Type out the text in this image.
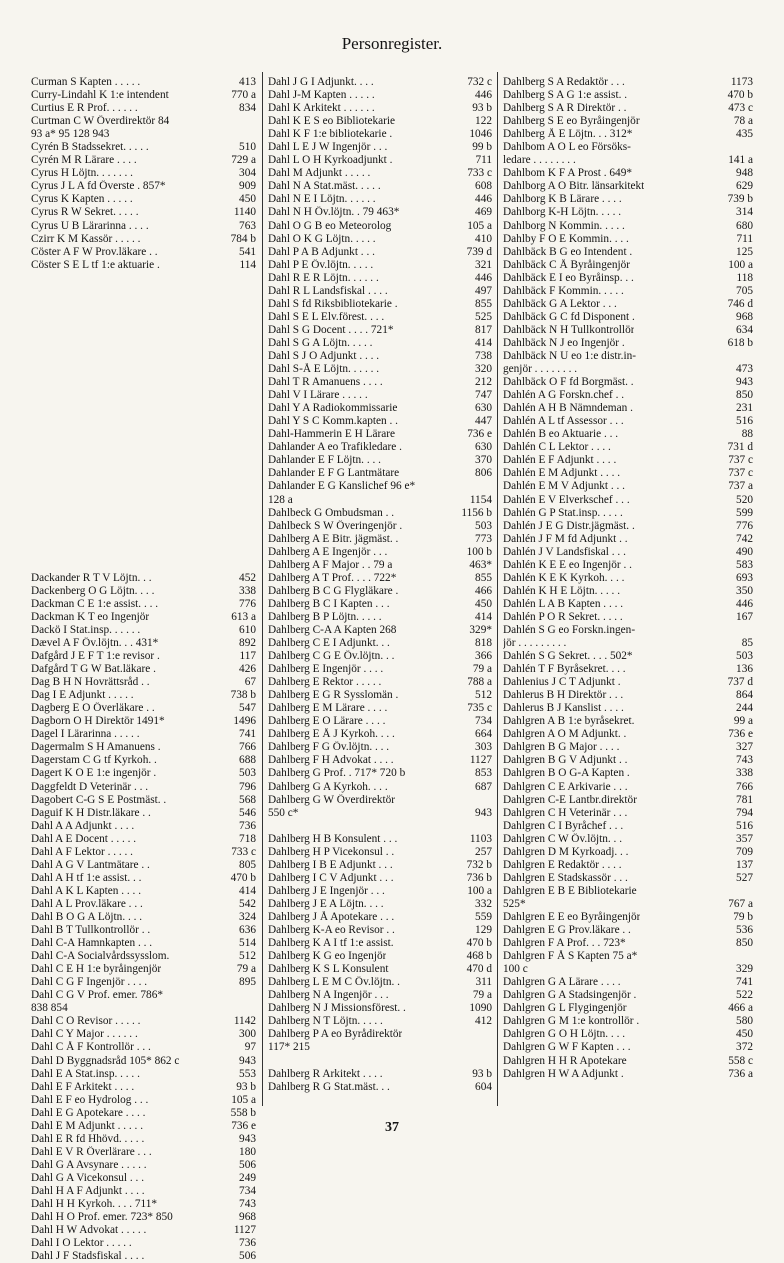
Personregister.
Curman S Kapten . . . . .	413
Curry-Lindahl K 1:e intendent	770 a
Curtius E R Prof. . . . . .	834
Curtman C W Överdirektör 84
93 a* 95 128 943
Cyrén B Stadssekret. . . . .	510
Cyrén M R Lärare . . . .	729 a
Cyrus H Löjtn. . . . . . .	304
Cyrus J L A fd Överste . 857*	909
Cyrus K Kapten . . . . .	450
Cyrus R W Sekret. . . . .	1140
Cyrus U B Lärarinna . . . .	763
Czirr K M Kassör . . . . .	784 b
Cöster A F W Prov.läkare . .	541
Cöster S E L tf 1:e aktuarie .	114
Dackander R T V Löjtn. . .	452
Dackenberg O G Löjtn. . . .	338
Dackman C E 1:e assist. . . .	776
Dackman K T eo Ingenjör	613 a
Dackö I Stat.insp. . . . . .	610
Dævel A F Öv.löjtn. . . 431*	892
Dafgård J E F T 1:e revisor .	117
Dafgård T G W Bat.läkare .	426
Dag B H N Hovrättsråd . .	67
Dag I E Adjunkt . . . . .	738 b
Dagberg E O Överläkare . .	547
Dagborn O H Direktör 1491*	1496
Dagel I Lärarinna . . . . .	741
Dagermalm S H Amanuens .	766
Dagerstam C G tf Kyrkoh. .	688
Dagert K O E 1:e ingenjör .	503
Daggfeldt D Veterinär . . .	796
Dagobert C-G S E Postmäst. .	568
Daguif K H Distr.läkare . .	546
Dahl A A Adjunkt . . . .	736
Dahl A E Docent . . . . .	718
Dahl A F Lektor . . . . .	733 c
Dahl A G V Lantmätare . .	805
Dahl A H tf 1:e assist. . .	470 b
Dahl A K L Kapten . . . .	414
Dahl A L Prov.läkare . . .	542
Dahl B O G A Löjtn. . . .	324
Dahl B T Tullkontrollör . .	636
Dahl C-A Hamnkapten . . .	514
Dahl C-A Socialvårdssysslom.	512
Dahl C E H 1:e byråingenjör	79 a
Dahl C G F Ingenjör . . . .	895
Dahl C G V Prof. emer. 786*
838 854
Dahl C O Revisor . . . . .	1142
Dahl C Y Major . . . . . .	300
Dahl C Å F Kontrollör . . .	97
Dahl D Byggnadsråd 105* 862 c	943
Dahl E A Stat.insp. . . . .	553
Dahl E F Arkitekt . . . .	93 b
Dahl E F eo Hydrolog . . .	105 a
Dahl E G Apotekare . . . .	558 b
Dahl E M Adjunkt . . . . .	736 e
Dahl E R fd Hhövd. . . . .	943
Dahl E V R Överlärare . . .	180
Dahl G A Avsynare . . . . .	506
Dahl G A Vicekonsul . . .	249
Dahl H A F Adjunkt . . . .	734
Dahl H H Kyrkoh. . . . 711*	743
Dahl H O Prof. emer. 723* 850	968
Dahl H W Advokat . . . . .	1127
Dahl I O Lektor . . . . .	736
Dahl J F Stadsfiskal . . . .	506
Dahl J G I Adjunkt. . . .	732 c
Dahl J-M Kapten . . . . .	446
Dahl K Arkitekt . . . . . .	93 b
Dahl K E S eo Bibliotekarie	122
Dahl K F 1:e bibliotekarie .	1046
Dahl L E J W Ingenjör . . .	99 b
Dahl L O H Kyrkoadjunkt .	711
Dahl M Adjunkt . . . . .	733 c
Dahl N A Stat.mäst. . . . .	608
Dahl N E I Löjtn. . . . . .	446
Dahl N H Öv.löjtn. . 79 463*	469
Dahl O G B eo Meteorolog	105 a
Dahl O K G Löjtn. . . . .	410
Dahl P A B Adjunkt . . .	739 d
Dahl P E Öv.löjtn. . . . .	321
Dahl R E R Löjtn. . . . . .	446
Dahl R L Landsfiskal . . . .	497
Dahl S fd Riksbibliotekarie .	855
Dahl S E L Elv.förest. . . .	525
Dahl S G Docent . . . . 721*	817
Dahl S G A Löjtn. . . . .	414
Dahl S J O Adjunkt . . . .	738
Dahl S-Å E Löjtn. . . . . .	320
Dahl T R Amanuens . . . .	212
Dahl V I Lärare . . . . .	747
Dahl Y A Radiokommissarie	630
Dahl Y S C Komm.kapten . .	447
Dahl-Hammerin E H Lärare	736 e
Dahlander A eo Trafikledare .	630
Dahlander E F Löjtn. . . .	370
Dahlander E F G Lantmätare	806
Dahlander E G Kanslichef 96 e*
128 a	1154
Dahlbeck G Ombudsman . .	1156 b
Dahlbeck S W Överingenjör .	503
Dahlberg A E Bitr. jägmäst. .	773
Dahlberg A E Ingenjör . . .	100 b
Dahlberg A F Major . . 79 a	463*
Dahlberg A T Prof. . . . 722*	855
Dahlberg B C G Flygläkare .	466
Dahlberg B C I Kapten . . .	450
Dahlberg B P Löjtn. . . . .	414
Dahlberg C-A A Kapten 268	329*
Dahlberg C E I Adjunkt. . .	818
Dahlberg C G E Öv.löjtn. . .	366
Dahlberg E Ingenjör . . . .	79 a
Dahlberg E Rektor . . . . .	788 a
Dahlberg E G R Sysslomän .	512
Dahlberg E M Lärare . . . .	735 c
Dahlberg E O Lärare . . . .	734
Dahlberg E Å J Kyrkoh. . . .	664
Dahlberg F G Öv.löjtn. . . .	303
Dahlberg F H Advokat . . . .	1127
Dahlberg G Prof. . 717* 720 b	853
Dahlberg G A Kyrkoh. . . .	687
Dahlberg G W Överdirektör
550 c*	943
Dahlberg H B Konsulent . . .	1103
Dahlberg H P Vicekonsul . .	257
Dahlberg I B E Adjunkt . . .	732 b
Dahlberg I C V Adjunkt . . .	736 b
Dahlberg J E Ingenjör . . .	100 a
Dahlberg J E A Löjtn. . . .	332
Dahlberg J Å Apotekare . . .	559
Dahlberg K-A eo Revisor . .	129
Dahlberg K A I tf 1:e assist.	470 b
Dahlberg K G eo Ingenjör	468 b
Dahlberg K S L Konsulent	470 d
Dahlberg L E M C Öv.löjtn. .	311
Dahlberg N A Ingenjör . . .	79 a
Dahlberg N J Missionsförest. .	1090
Dahlberg N T Löjtn. . . . .	412
Dahlberg P A eo Byrådirektör
117* 215
Dahlberg R Arkitekt . . . .	93 b
Dahlberg R G Stat.mäst. . .	604
Dahlberg S A Redaktör . . .	1173
Dahlberg S A G 1:e assist. .	470 b
Dahlberg S A R Direktör . .	473 c
Dahlberg S E eo Byråingenjör	78 a
Dahlberg Å E Löjtn. . . 312*	435
Dahlbom A O L eo Försöks-
ledare . . . . . . . .	141 a
Dahlbom K F A Prost . 649*	948
Dahlborg A O Bitr. länsarkitekt	629
Dahlborg K B Lärare . . . .	739 b
Dahlborg K-H Löjtn. . . . .	314
Dahlborg N Kommin. . . . .	680
Dahlby F O E Kommin. . . .	711
Dahlbäck B G eo Intendent .	125
Dahlbäck C Å Byråingenjör	100 a
Dahlbäck E I eo Byråinsp. . .	118
Dahlbäck F Kommin. . . . .	705
Dahlbäck G A Lektor . . .	746 d
Dahlbäck G C fd Disponent .	968
Dahlbäck N H Tullkontrollör	634
Dahlbäck N J eo Ingenjör .	618 b
Dahlbäck N U eo 1:e distr.in-
genjör . . . . . . . .	473
Dahlbäck O F fd Borgmäst. .	943
Dahlén A G Forskn.chef . .	850
Dahlén A H B Nämndeman .	231
Dahlén A L tf Assessor . . .	516
Dahlén B eo Aktuarie . . .	88
Dahlén C L Lektor . . . .	731 d
Dahlén E F Adjunkt . . . .	737 c
Dahlén E M Adjunkt . . . .	737 c
Dahlén E M V Adjunkt . . .	737 a
Dahlén E V Elverkschef . . .	520
Dahlén G P Stat.insp. . . . .	599
Dahlén J E G Distr.jägmäst. .	776
Dahlén J F M fd Adjunkt . .	742
Dahlén J V Landsfiskal . . .	490
Dahlén K E E eo Ingenjör . .	583
Dahlén K E K Kyrkoh. . . .	693
Dahlén K H E Löjtn. . . . .	350
Dahlén L A B Kapten . . . .	446
Dahlén P O R Sekret. . . . .	167
Dahlén S G eo Forskn.ingen-
jör . . . . . . . . .	85
Dahlén S G Sekret. . . . 502*	503
Dahlén T F Byråsekret. . . .	136
Dahlenius J C T Adjunkt .	737 d
Dahlerus B H Direktör . . .	864
Dahlerus B J Kanslist . . . .	244
Dahlgren A B 1:e byråsekret.	99 a
Dahlgren A O M Adjunkt. .	736 e
Dahlgren B G Major . . . .	327
Dahlgren B G V Adjunkt . .	743
Dahlgren B O G-A Kapten .	338
Dahlgren C E Arkivarie . . .	766
Dahlgren C-E Lantbr.direktör	781
Dahlgren C H Veterinär . . .	794
Dahlgren C I Byråchef . . .	516
Dahlgren C W Öv.löjtn. . .	357
Dahlgren D M Kyrkoadj. . .	709
Dahlgren E Redaktör . . . .	137
Dahlgren E Stadskassör . . .	527
Dahlgren E B E Bibliotekarie
525*	767 a
Dahlgren E E eo Byråingenjör	79 b
Dahlgren E G Prov.läkare . .	536
Dahlgren F A Prof. . . 723*	850
Dahlgren F Å S Kapten 75 a*
100 c	329
Dahlgren G A Lärare . . . .	741
Dahlgren G A Stadsingenjör .	522
Dahlgren G L Flygingenjör	466 a
Dahlgren G M 1:e kontrollör .	580
Dahlgren G O H Löjtn. . . .	450
Dahlgren G W F Kapten . . .	372
Dahlgren H H R Apotekare	558 c
Dahlgren H W A Adjunkt .	736 a
37
